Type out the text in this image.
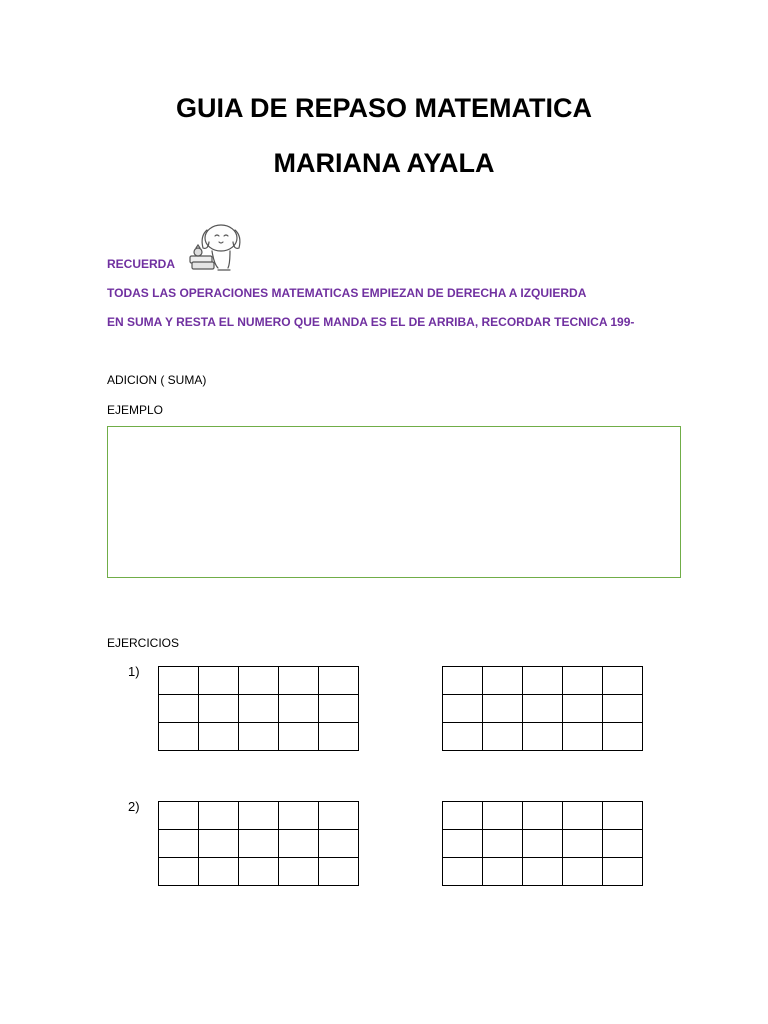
GUIA DE REPASO MATEMATICA
MARIANA AYALA
RECUERDA
TODAS LAS OPERACIONES MATEMATICAS EMPIEZAN DE DERECHA A IZQUIERDA
EN SUMA Y RESTA EL NUMERO QUE MANDA ES EL DE ARRIBA, RECORDAR TECNICA 199-
ADICION ( SUMA)
EJEMPLO
EJERCICIOS
1)
2)
